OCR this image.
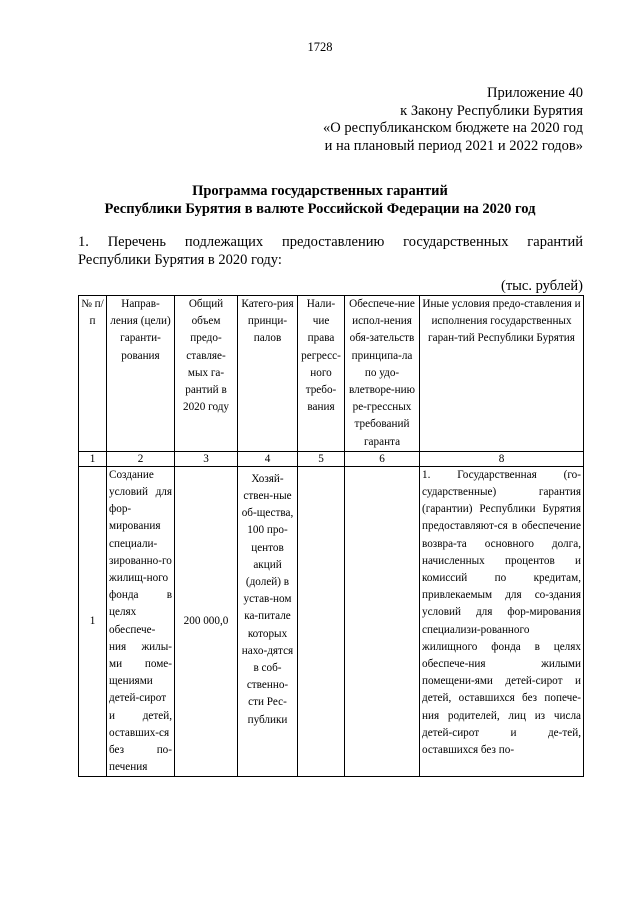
1728
Приложение 40
к Закону Республики Бурятия
«О республиканском бюджете на 2020 год
и на плановый период 2021 и 2022 годов»
Программа государственных гарантий
Республики Бурятия в валюте Российской Федерации на 2020 год
1. Перечень подлежащих предоставлению государственных гарантий Республики Бурятия в 2020 году:
(тыс. рублей)
№ п/п	Направ-ления (цели) гаранти-рования	Общий объем предо-ставляе-мых га-рантий в 2020 году	Катего-рия принци-палов	Нали-чие права регресс-ного требо-вания	Обеспече-ние испол-нения обя-зательств принципа-ла по удо-влетворе-нию ре-грессных требований гаранта	Иные условия предо-ставления и исполнения государственных гаран-тий Республики Бурятия
1	2	3	4	5	6	8
1	Создание условий для фор-мирования специали-зированно-го жилищ-ного фонда в целях обеспече-ния жилы-ми поме-щениями детей-сирот и детей, оставших-ся без по-печения	200 000,0	Хозяй-ствен-ные об-щества, 100 про-центов акций (долей) в устав-ном ка-питале которых нахо-дятся в соб-ственно-сти Рес-публики			1. Государственная (го-сударственные) гарантия (гарантии) Республики Бурятия предоставляют-ся в обеспечение возвра-та основного долга, начисленных процентов и комиссий по кредитам, привлекаемым для со-здания условий для фор-мирования специализи-рованного жилищного фонда в целях обеспече-ния жилыми помещени-ями детей-сирот и детей, оставшихся без попече-ния родителей, лиц из числа детей-сирот и де-тей, оставшихся без по-
